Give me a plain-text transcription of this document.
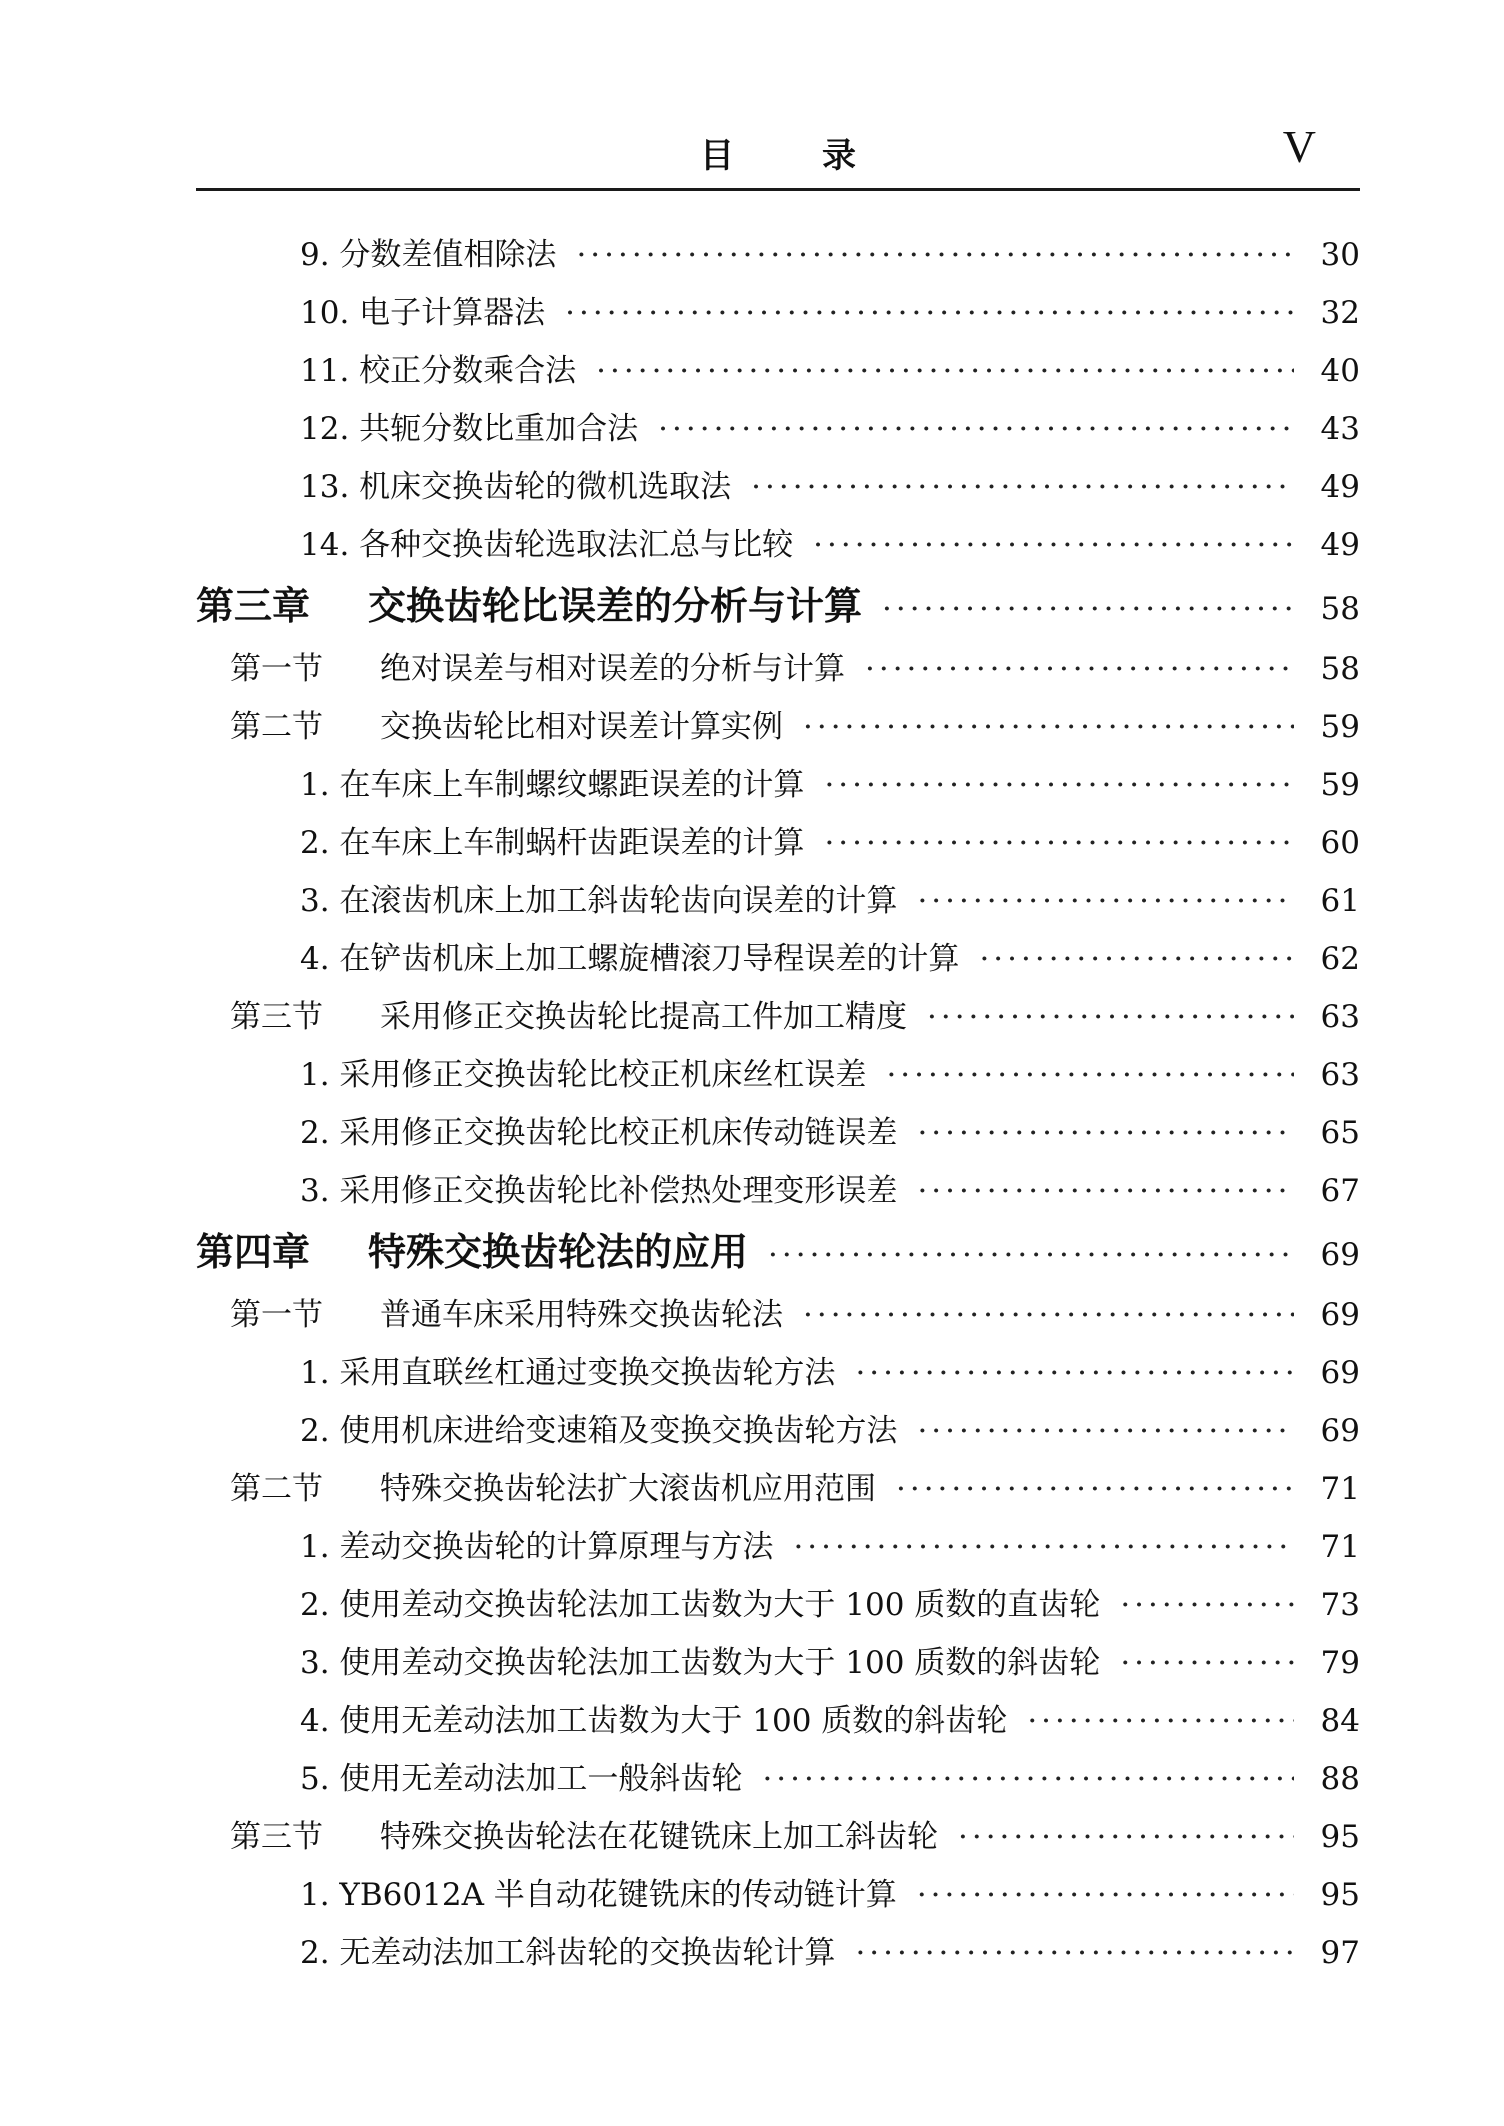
目	录	V
9. 分数差值相除法 ·····	30
10. 电子计算器法 ·····	32
11. 校正分数乘合法 ·····	40
12. 共轭分数比重加合法 ·····	43
13. 机床交换齿轮的微机选取法 ·····	49
14. 各种交换齿轮选取法汇总与比较 ·····	49
第三章 交换齿轮比误差的分析与计算 ·····	58
第一节 绝对误差与相对误差的分析与计算 ·····	58
第二节 交换齿轮比相对误差计算实例 ·····	59
1. 在车床上车制螺纹螺距误差的计算 ·····	59
2. 在车床上车制蜗杆齿距误差的计算 ·····	60
3. 在滚齿机床上加工斜齿轮齿向误差的计算 ·····	61
4. 在铲齿机床上加工螺旋槽滚刀导程误差的计算 ·····	62
第三节 采用修正交换齿轮比提高工件加工精度 ·····	63
1. 采用修正交换齿轮比校正机床丝杠误差 ·····	63
2. 采用修正交换齿轮比校正机床传动链误差 ·····	65
3. 采用修正交换齿轮比补偿热处理变形误差 ·····	67
第四章 特殊交换齿轮法的应用 ·····	69
第一节 普通车床采用特殊交换齿轮法 ·····	69
1. 采用直联丝杠通过变换交换齿轮方法 ·····	69
2. 使用机床进给变速箱及变换交换齿轮方法 ·····	69
第二节 特殊交换齿轮法扩大滚齿机应用范围 ·····	71
1. 差动交换齿轮的计算原理与方法 ·····	71
2. 使用差动交换齿轮法加工齿数为大于 100 质数的直齿轮 ·····	73
3. 使用差动交换齿轮法加工齿数为大于 100 质数的斜齿轮 ·····	79
4. 使用无差动法加工齿数为大于 100 质数的斜齿轮 ·····	84
5. 使用无差动法加工一般斜齿轮 ·····	88
第三节 特殊交换齿轮法在花键铣床上加工斜齿轮 ·····	95
1. YB6012A 半自动花键铣床的传动链计算 ·····	95
2. 无差动法加工斜齿轮的交换齿轮计算 ·····	97
